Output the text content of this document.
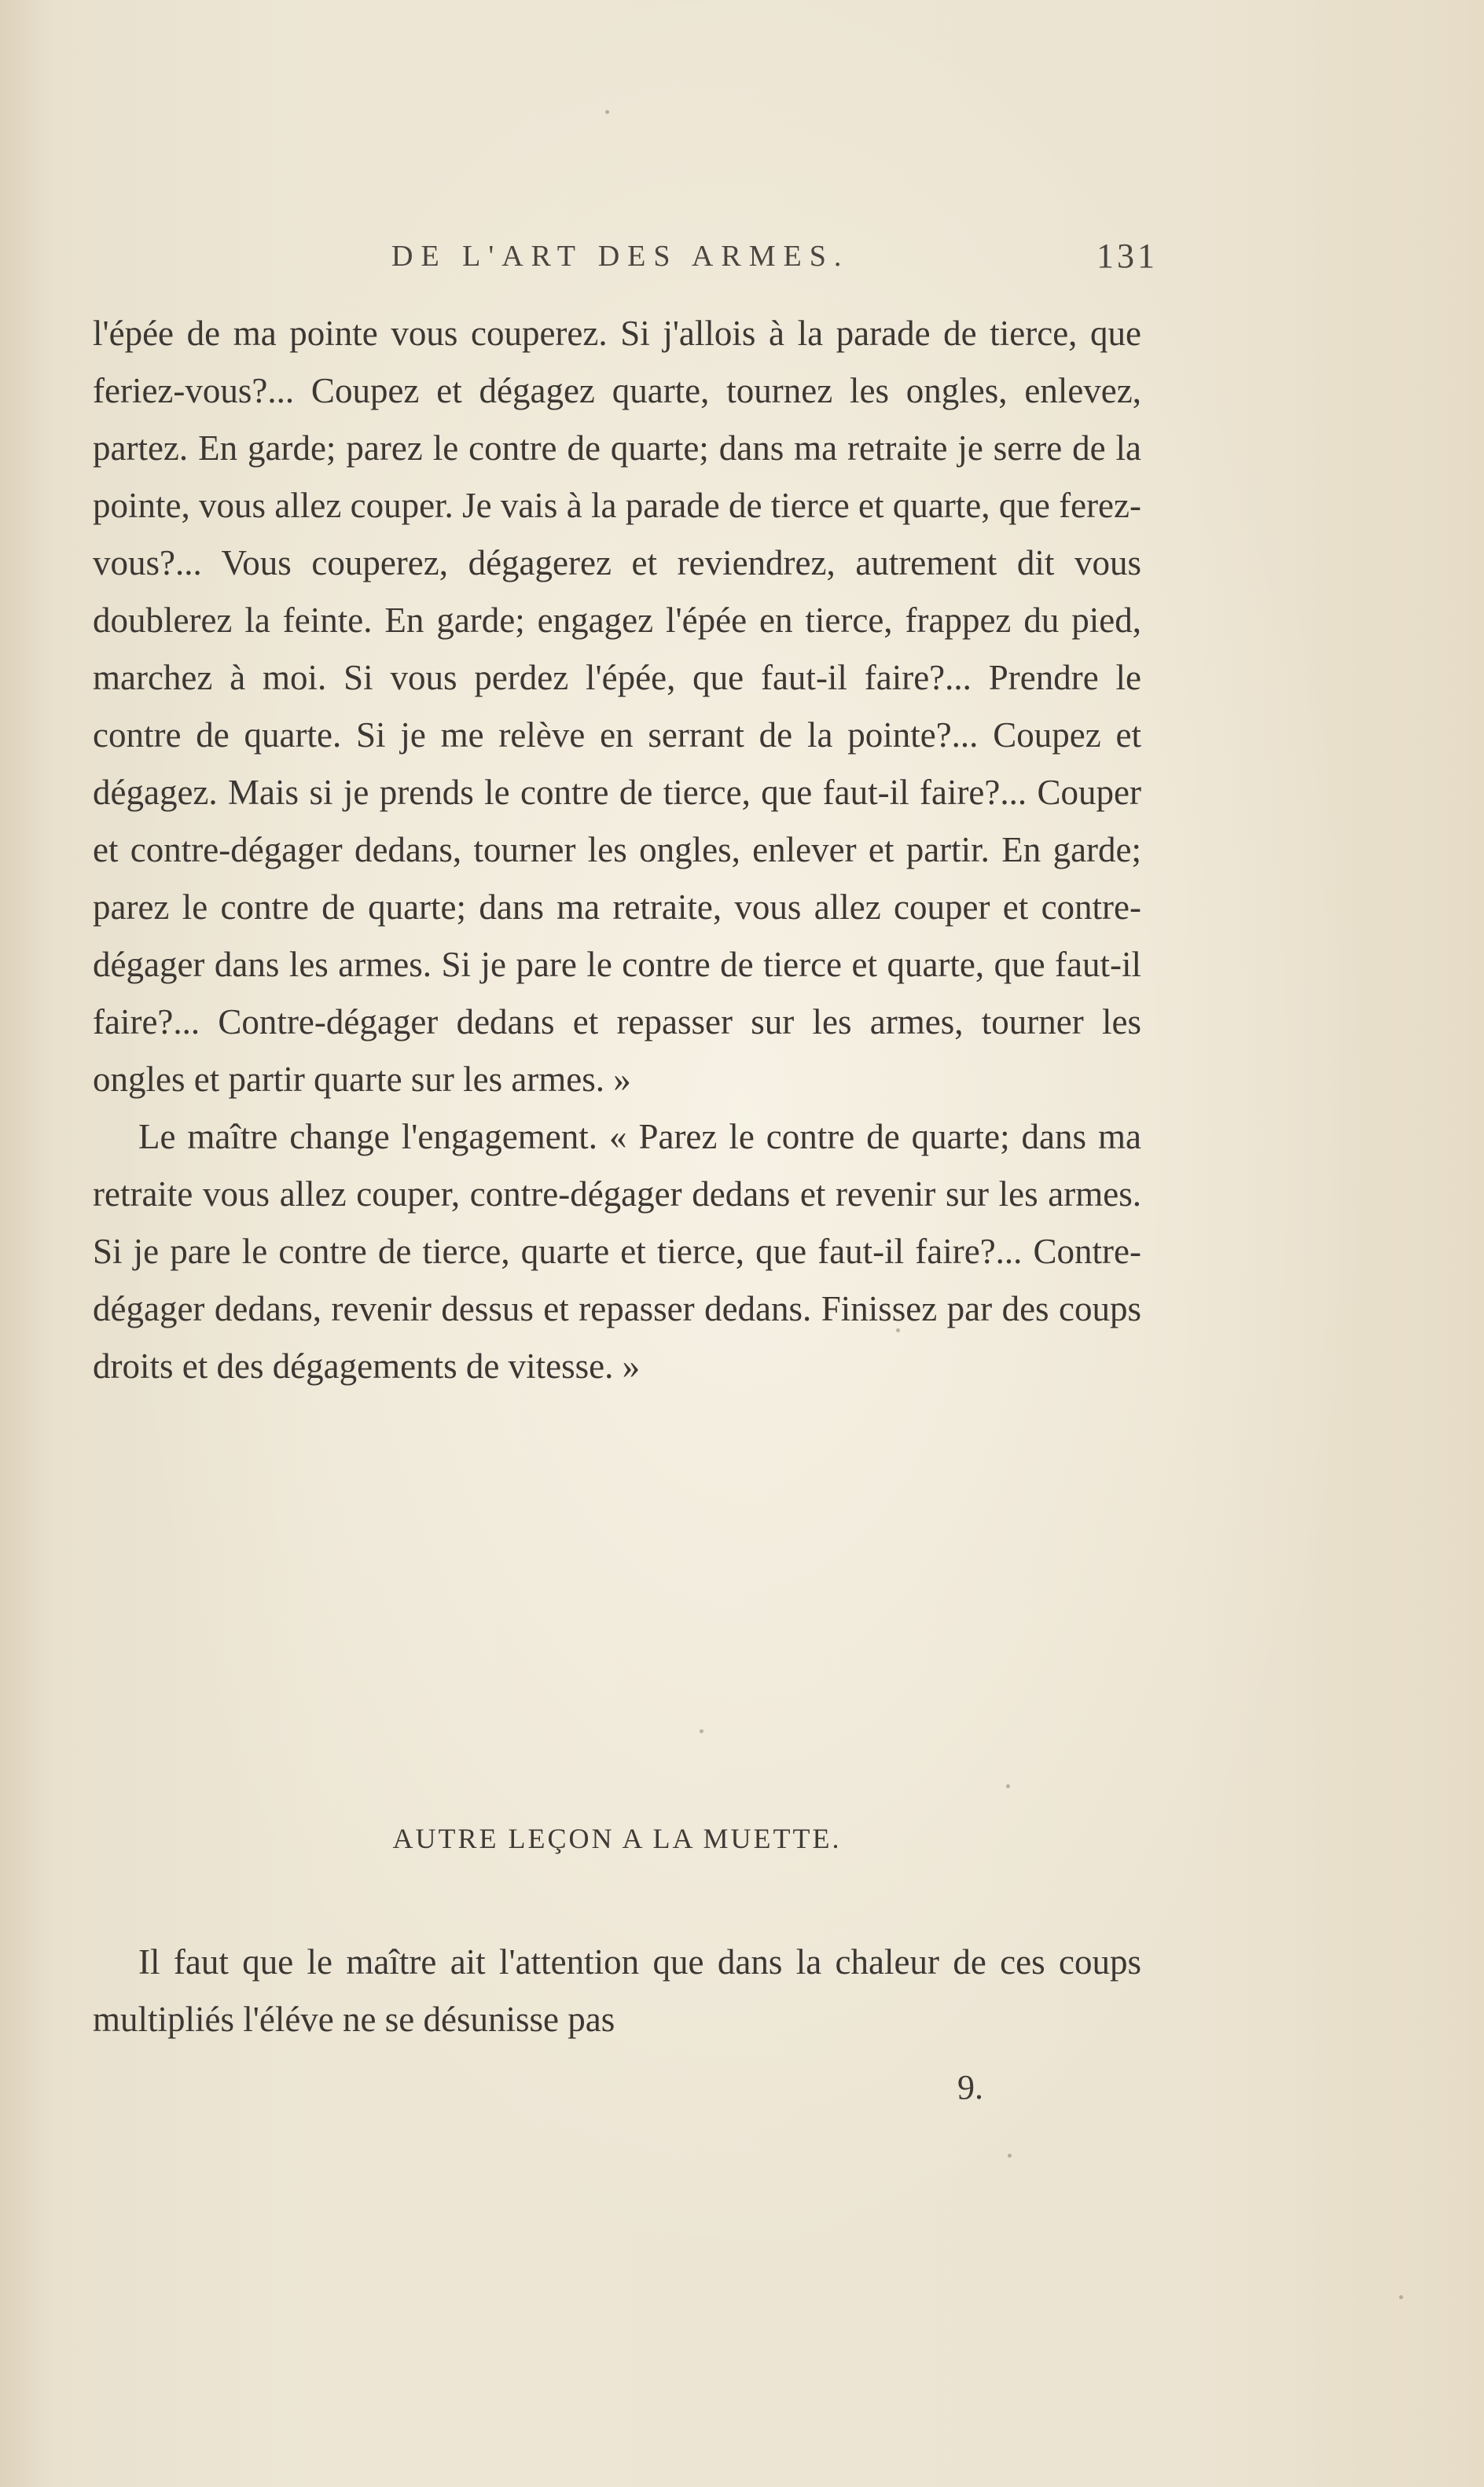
DE L'ART DES ARMES.	131

l'épée de ma pointe vous couperez. Si j'allois à la parade de tierce, que feriez-vous?... Coupez et dégagez quarte, tournez les ongles, enlevez, partez. En garde; parez le contre de quarte; dans ma retraite je serre de la pointe, vous allez couper. Je vais à la parade de tierce et quarte, que ferez-vous?... Vous couperez, dégagerez et reviendrez, autrement dit vous doublerez la feinte. En garde; engagez l'épée en tierce, frappez du pied, marchez à moi. Si vous perdez l'épée, que faut-il faire?... Prendre le contre de quarte. Si je me relève en serrant de la pointe?... Coupez et dégagez. Mais si je prends le contre de tierce, que faut-il faire?... Couper et contre-dégager dedans, tourner les ongles, enlever et partir. En garde; parez le contre de quarte; dans ma retraite, vous allez couper et contre-dégager dans les armes. Si je pare le contre de tierce et quarte, que faut-il faire?... Contre-dégager dedans et repasser sur les armes, tourner les ongles et partir quarte sur les armes. »

Le maître change l'engagement. « Parez le contre de quarte; dans ma retraite vous allez couper, contre-dégager dedans et revenir sur les armes. Si je pare le contre de tierce, quarte et tierce, que faut-il faire?... Contre-dégager dedans, revenir dessus et repasser dedans. Finissez par des coups droits et des dégagements de vitesse. »

AUTRE LEÇON A LA MUETTE.

Il faut que le maître ait l'attention que dans la chaleur de ces coups multipliés l'éléve ne se désunisse pas

9.
